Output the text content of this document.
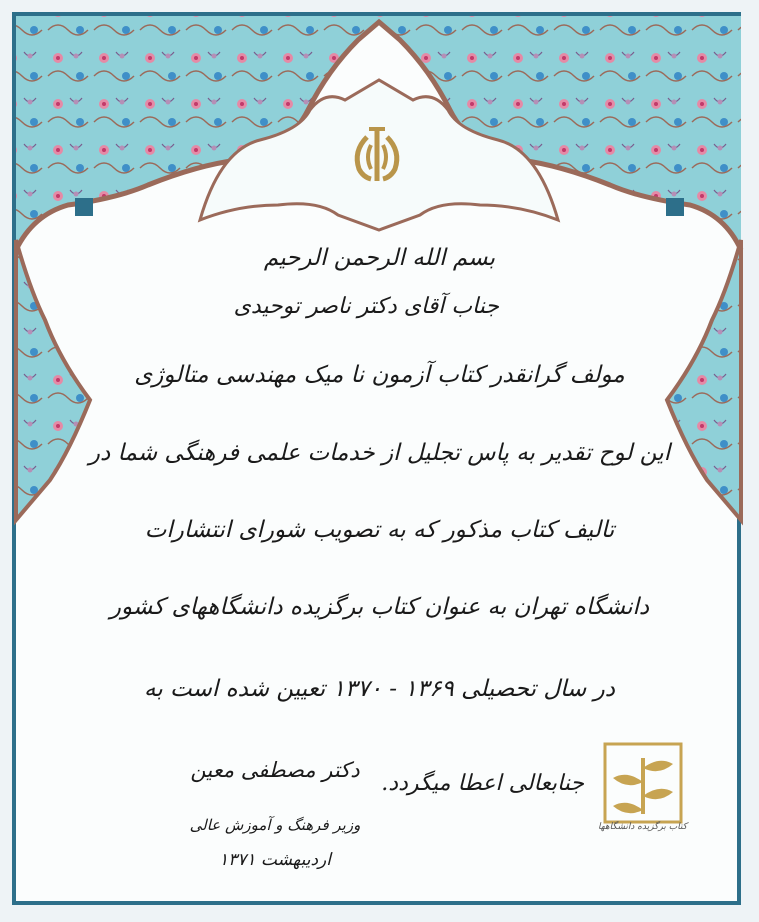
بسم الله الرحمن الرحیم
جناب آقای دکتر ناصر توحیدی
مولف گرانقدر کتاب آزمون نا میک مهندسی متالوژی
این لوح تقدیر به پاس تجلیل از خدمات علمی فرهنگی شما در
تالیف کتاب مذکور که به تصویب شورای انتشارات
دانشگاه تهران به عنوان کتاب برگزیده دانشگاههای کشور
در سال تحصیلی ۱۳۶۹ - ۱۳۷۰ تعیین شده است به
جنابعالی اعطا میگردد.
دکتر مصطفی معین
وزیر فرهنگ و آموزش عالی
اردیبهشت ۱۳۷۱
کتاب برگزیده دانشگاهها
